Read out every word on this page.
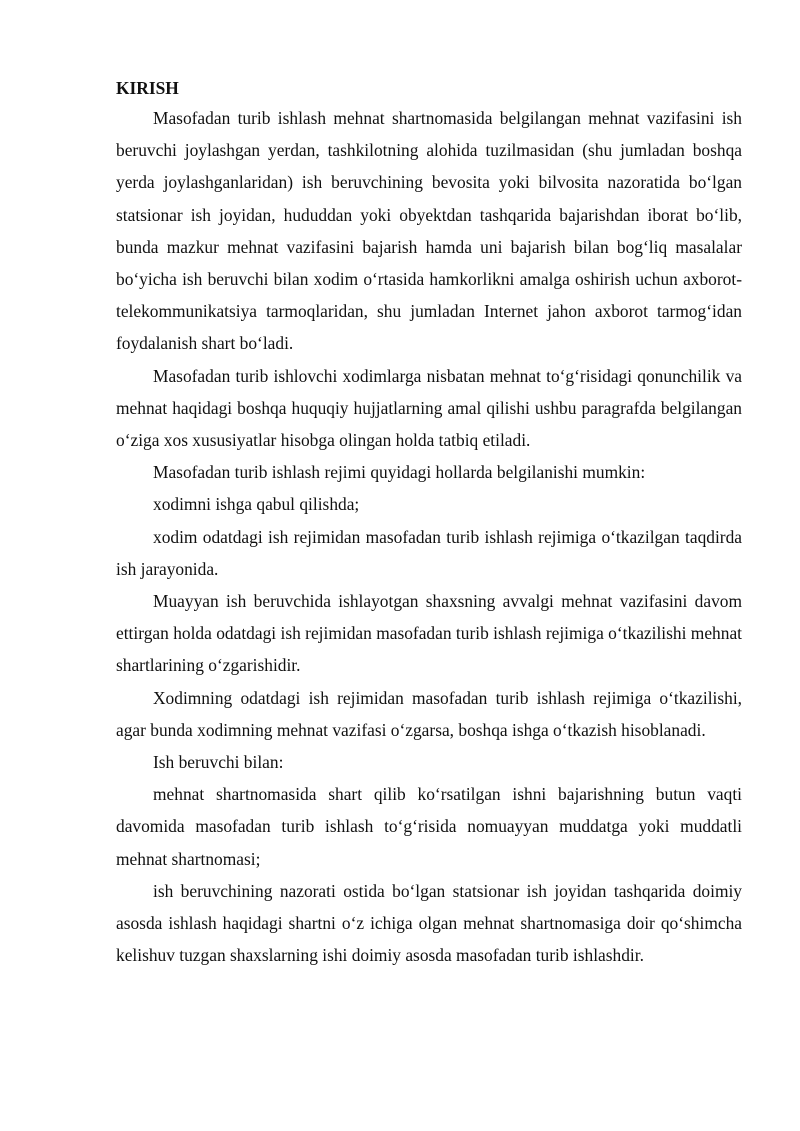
KIRISH

Masofadan turib ishlash mehnat shartnomasida belgilangan mehnat vazifasini ish beruvchi joylashgan yerdan, tashkilotning alohida tuzilmasidan (shu jumladan boshqa yerda joylashganlaridan) ish beruvchining bevosita yoki bilvosita nazoratida bo‘lgan statsionar ish joyidan, hududdan yoki obyektdan tashqarida bajarishdan iborat bo‘lib, bunda mazkur mehnat vazifasini bajarish hamda uni bajarish bilan bog‘liq masalalar bo‘yicha ish beruvchi bilan xodim o‘rtasida hamkorlikni amalga oshirish uchun axborot-telekommunikatsiya tarmoqlaridan, shu jumladan Internet jahon axborot tarmog‘idan foydalanish shart bo‘ladi.

Masofadan turib ishlovchi xodimlarga nisbatan mehnat to‘g‘risidagi qonunchilik va mehnat haqidagi boshqa huquqiy hujjatlarning amal qilishi ushbu paragrafda belgilangan o‘ziga xos xususiyatlar hisobga olingan holda tatbiq etiladi.

Masofadan turib ishlash rejimi quyidagi hollarda belgilanishi mumkin:

xodimni ishga qabul qilishda;

xodim odatdagi ish rejimidan masofadan turib ishlash rejimiga o‘tkazilgan taqdirda ish jarayonida.

Muayyan ish beruvchida ishlayotgan shaxsning avvalgi mehnat vazifasini davom ettirgan holda odatdagi ish rejimidan masofadan turib ishlash rejimiga o‘tkazilishi mehnat shartlarining o‘zgarishidir.

Xodimning odatdagi ish rejimidan masofadan turib ishlash rejimiga o‘tkazilishi, agar bunda xodimning mehnat vazifasi o‘zgarsa, boshqa ishga o‘tkazish hisoblanadi.

Ish beruvchi bilan:

mehnat shartnomasida shart qilib ko‘rsatilgan ishni bajarishning butun vaqti davomida masofadan turib ishlash to‘g‘risida nomuayyan muddatga yoki muddatli mehnat shartnomasi;

ish beruvchining nazorati ostida bo‘lgan statsionar ish joyidan tashqarida doimiy asosda ishlash haqidagi shartni o‘z ichiga olgan mehnat shartnomasiga doir qo‘shimcha kelishuv tuzgan shaxslarning ishi doimiy asosda masofadan turib ishlashdir.
